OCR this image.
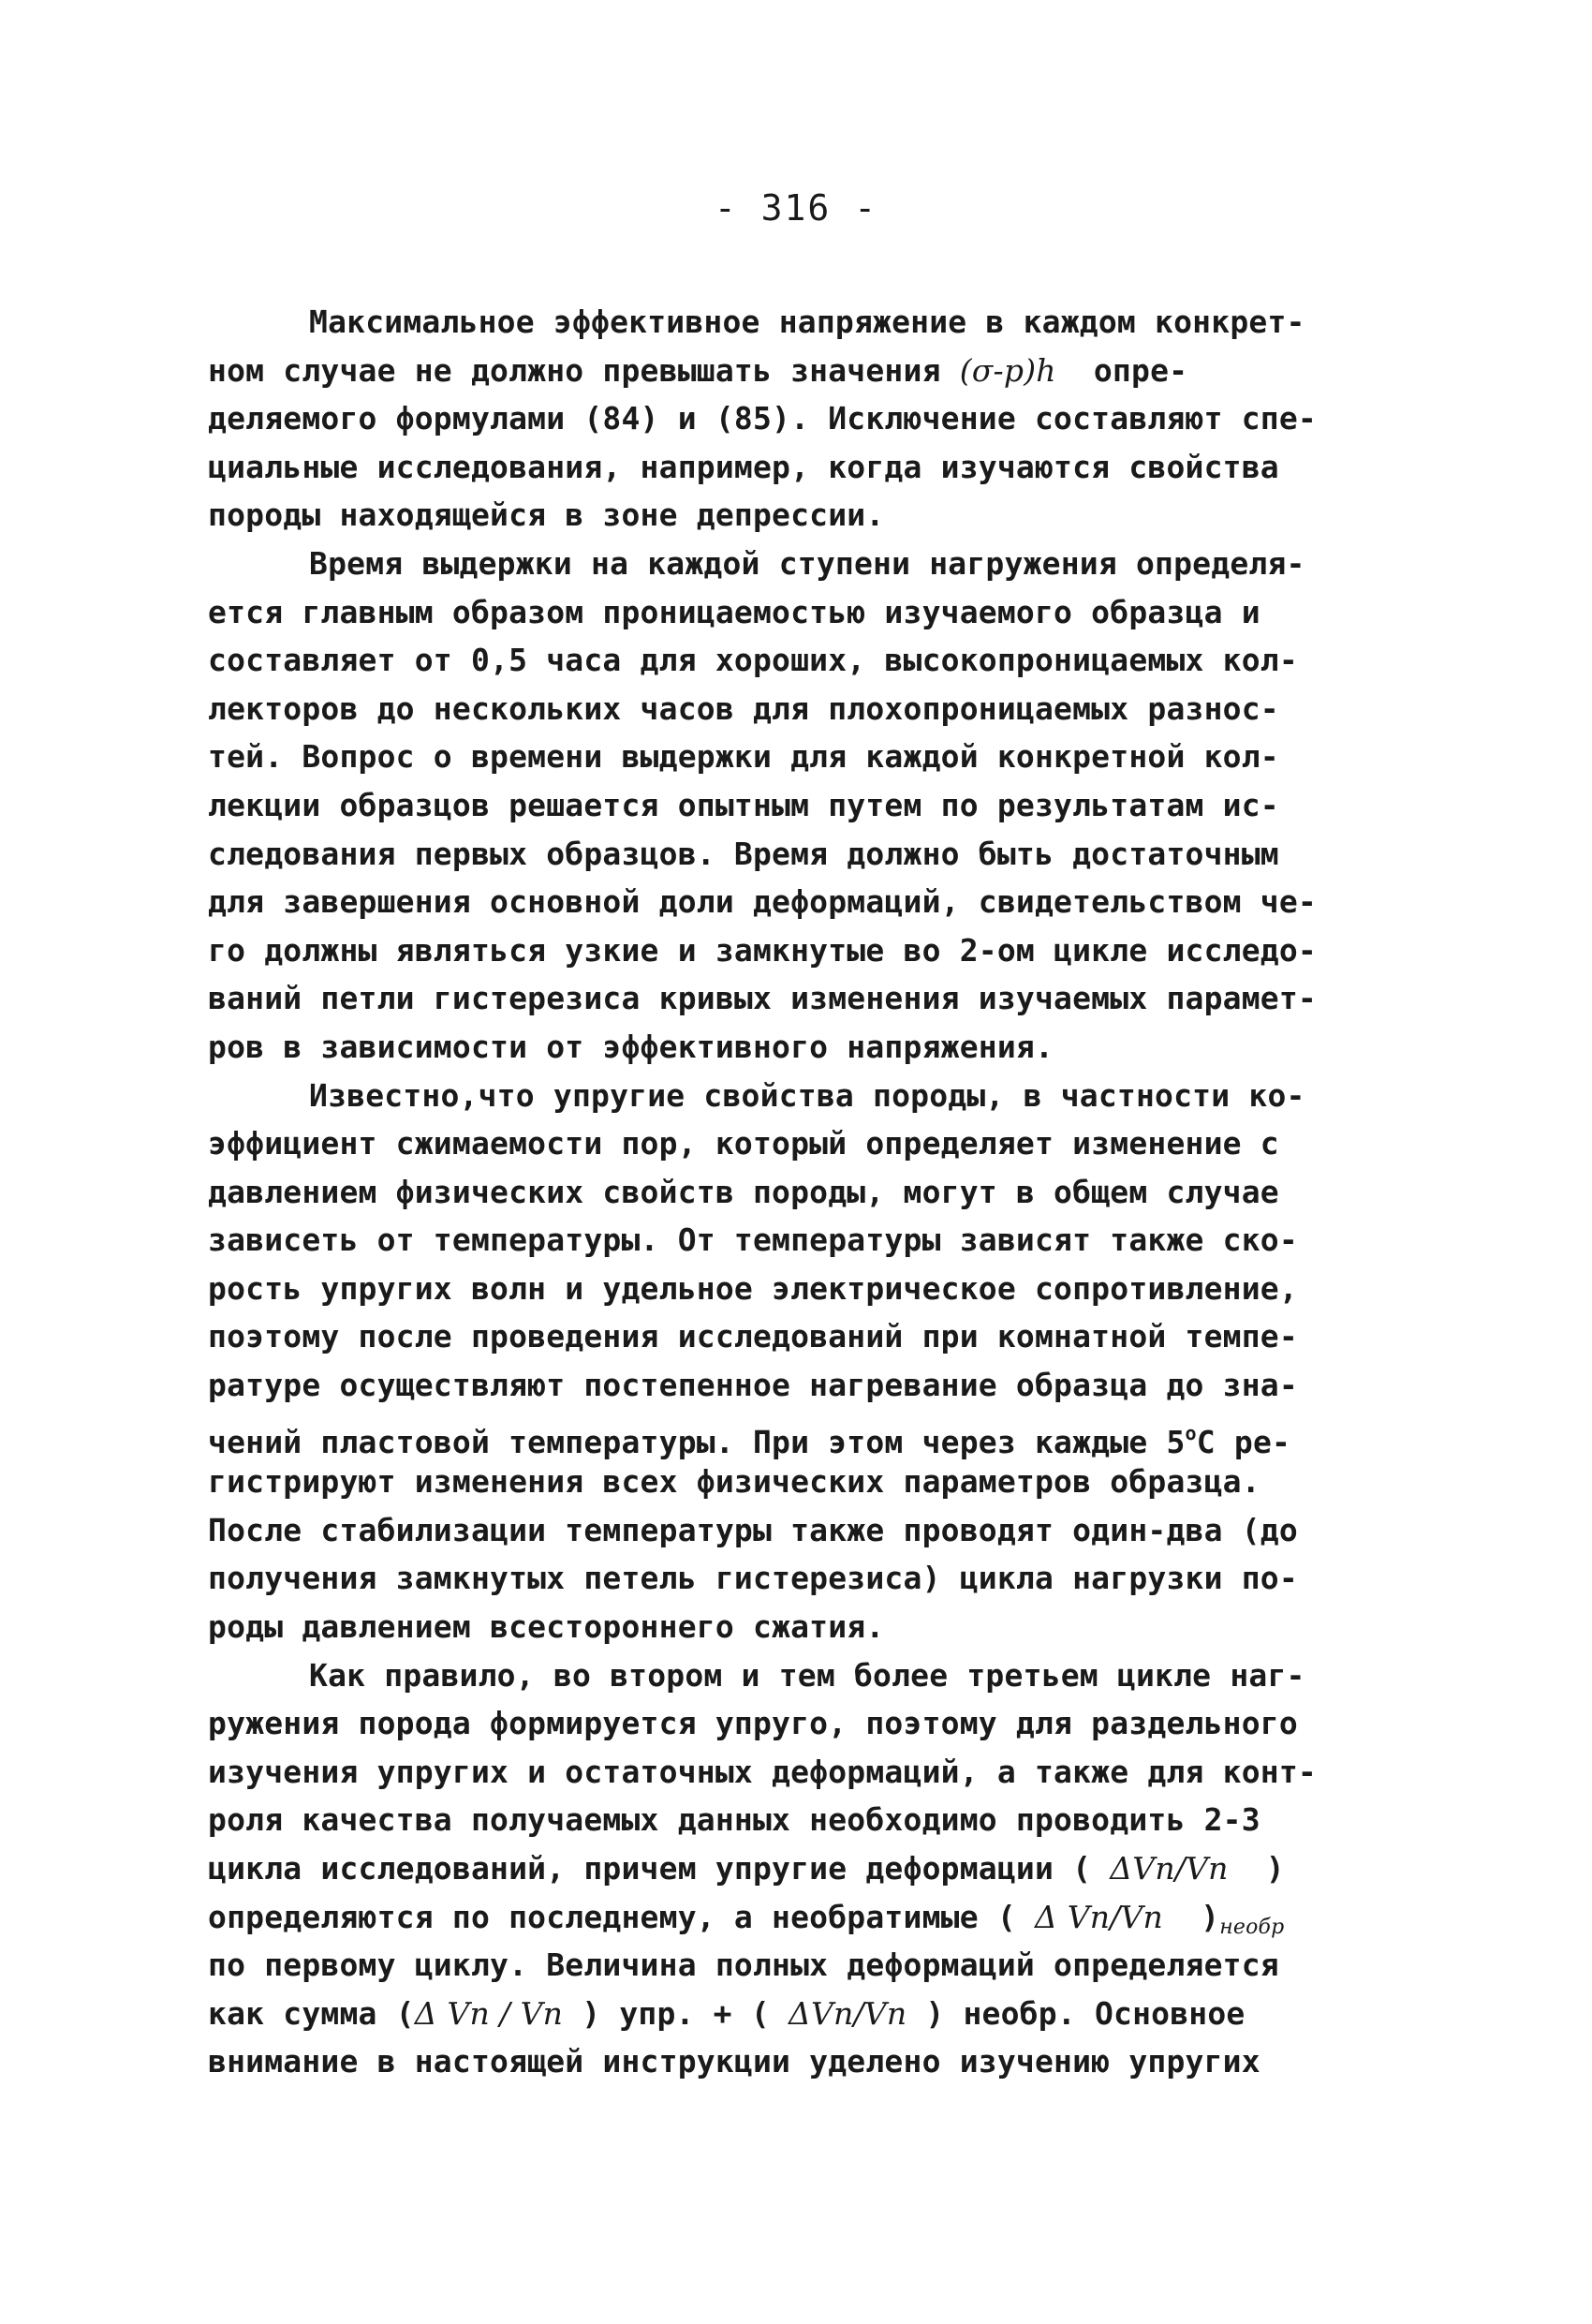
- 316 -
Максимальное эффективное напряжение в каждом конкрет-
ном случае не должно превышать значения (σ-p)h  опре-
деляемого формулами (84) и (85). Исключение составляют спе-
циальные исследования, например, когда изучаются свойства
породы находящейся в зоне депрессии.
Время выдержки на каждой ступени нагружения определя-
ется главным образом проницаемостью изучаемого образца и
составляет от 0,5 часа для хороших, высокопроницаемых кол-
лекторов до нескольких часов для плохопроницаемых разнос-
тей. Вопрос о времени выдержки для каждой конкретной кол-
лекции образцов решается опытным путем по результатам ис-
следования первых образцов. Время должно быть достаточным
для завершения основной доли деформаций, свидетельством че-
го должны являться узкие и замкнутые во 2-ом цикле исследо-
ваний петли гистерезиса кривых изменения изучаемых парамет-
ров в зависимости от эффективного напряжения.
Известно,что упругие свойства породы, в частности ко-
эффициент сжимаемости пор, который определяет изменение с
давлением физических свойств породы, могут в общем случае
зависеть от температуры. От температуры зависят также ско-
рость упругих волн и удельное электрическое сопротивление,
поэтому после проведения исследований при комнатной темпе-
ратуре осуществляют постепенное нагревание образца до зна-
чений пластовой температуры. При этом через каждые $5^оС$ ре-
гистрируют изменения всех физических параметров образца.
После стабилизации температуры также проводят один-два (до
получения замкнутых петель гистерезиса) цикла нагрузки по-
роды давлением всестороннего сжатия.
Как правило, во втором и тем более третьем цикле наг-
ружения порода формируется упруго, поэтому для раздельного
изучения упругих и остаточных деформаций, а также для конт-
роля качества получаемых данных необходимо проводить 2-3
цикла исследований, причем упругие деформации ( ΔVп/Vп  )
определяются по последнему, а необратимые ( Δ Vп/Vп  )$_{необр}$
по первому циклу. Величина полных деформаций определяется
как сумма (Δ Vп / Vп ) упр. + ( ΔVп/Vп ) необр. Основное
внимание в настоящей инструкции уделено изучению упругих
